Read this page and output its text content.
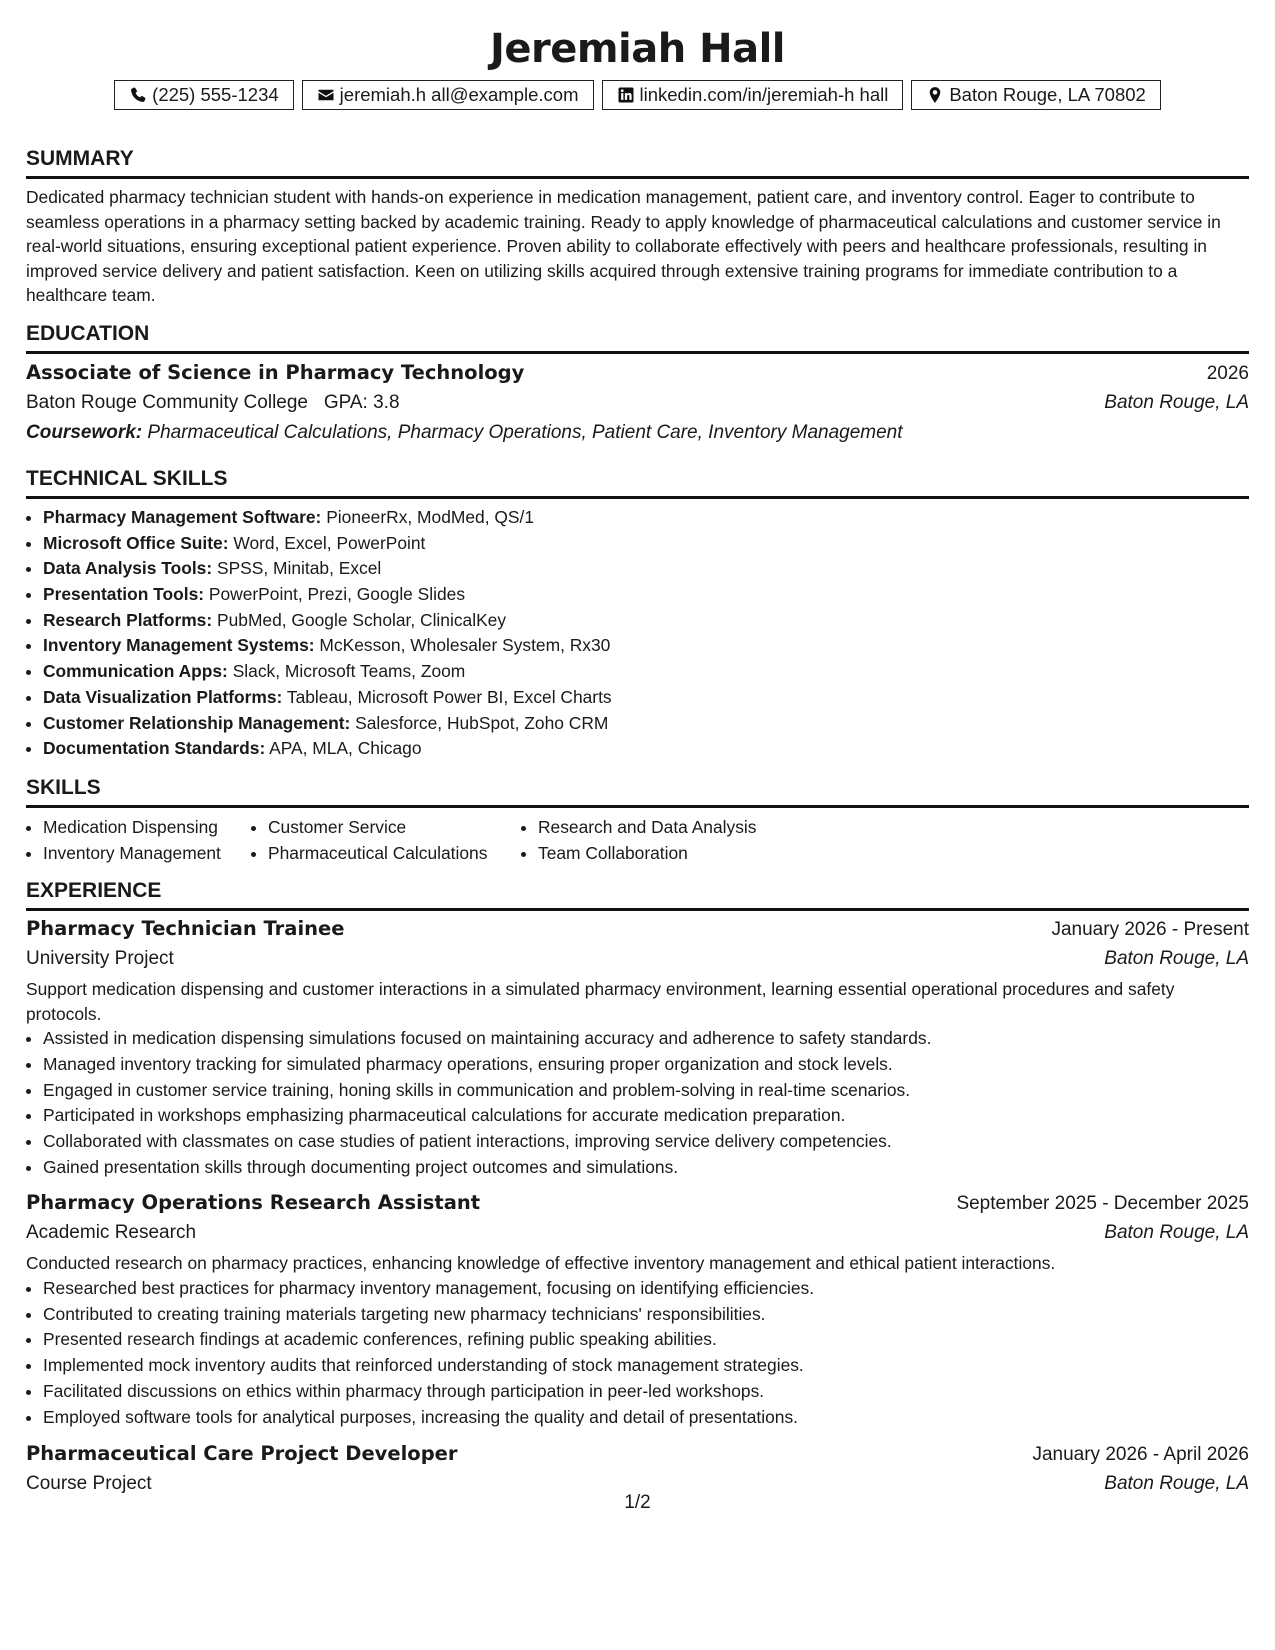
Jeremiah Hall
(225) 555-1234	jeremiah.h all@example.com	linkedin.com/in/jeremiah-h hall	Baton Rouge, LA 70802
SUMMARY
Dedicated pharmacy technician student with hands-on experience in medication management, patient care, and inventory control. Eager to contribute to seamless operations in a pharmacy setting backed by academic training. Ready to apply knowledge of pharmaceutical calculations and customer service in real-world situations, ensuring exceptional patient experience. Proven ability to collaborate effectively with peers and healthcare professionals, resulting in improved service delivery and patient satisfaction. Keen on utilizing skills acquired through extensive training programs for immediate contribution to a healthcare team.
EDUCATION
Associate of Science in Pharmacy Technology	2026
Baton Rouge Community College GPA: 3.8	Baton Rouge, LA
Coursework: Pharmaceutical Calculations, Pharmacy Operations, Patient Care, Inventory Management
TECHNICAL SKILLS
• Pharmacy Management Software: PioneerRx, ModMed, QS/1
• Microsoft Office Suite: Word, Excel, PowerPoint
• Data Analysis Tools: SPSS, Minitab, Excel
• Presentation Tools: PowerPoint, Prezi, Google Slides
• Research Platforms: PubMed, Google Scholar, ClinicalKey
• Inventory Management Systems: McKesson, Wholesaler System, Rx30
• Communication Apps: Slack, Microsoft Teams, Zoom
• Data Visualization Platforms: Tableau, Microsoft Power BI, Excel Charts
• Customer Relationship Management: Salesforce, HubSpot, Zoho CRM
• Documentation Standards: APA, MLA, Chicago
SKILLS
• Medication Dispensing
• Inventory Management
• Customer Service
• Pharmaceutical Calculations
• Research and Data Analysis
• Team Collaboration
EXPERIENCE
Pharmacy Technician Trainee	January 2026 - Present
University Project	Baton Rouge, LA
Support medication dispensing and customer interactions in a simulated pharmacy environment, learning essential operational procedures and safety protocols.
• Assisted in medication dispensing simulations focused on maintaining accuracy and adherence to safety standards.
• Managed inventory tracking for simulated pharmacy operations, ensuring proper organization and stock levels.
• Engaged in customer service training, honing skills in communication and problem-solving in real-time scenarios.
• Participated in workshops emphasizing pharmaceutical calculations for accurate medication preparation.
• Collaborated with classmates on case studies of patient interactions, improving service delivery competencies.
• Gained presentation skills through documenting project outcomes and simulations.
Pharmacy Operations Research Assistant	September 2025 - December 2025
Academic Research	Baton Rouge, LA
Conducted research on pharmacy practices, enhancing knowledge of effective inventory management and ethical patient interactions.
• Researched best practices for pharmacy inventory management, focusing on identifying efficiencies.
• Contributed to creating training materials targeting new pharmacy technicians' responsibilities.
• Presented research findings at academic conferences, refining public speaking abilities.
• Implemented mock inventory audits that reinforced understanding of stock management strategies.
• Facilitated discussions on ethics within pharmacy through participation in peer-led workshops.
• Employed software tools for analytical purposes, increasing the quality and detail of presentations.
Pharmaceutical Care Project Developer	January 2026 - April 2026
Course Project	Baton Rouge, LA
1/2
